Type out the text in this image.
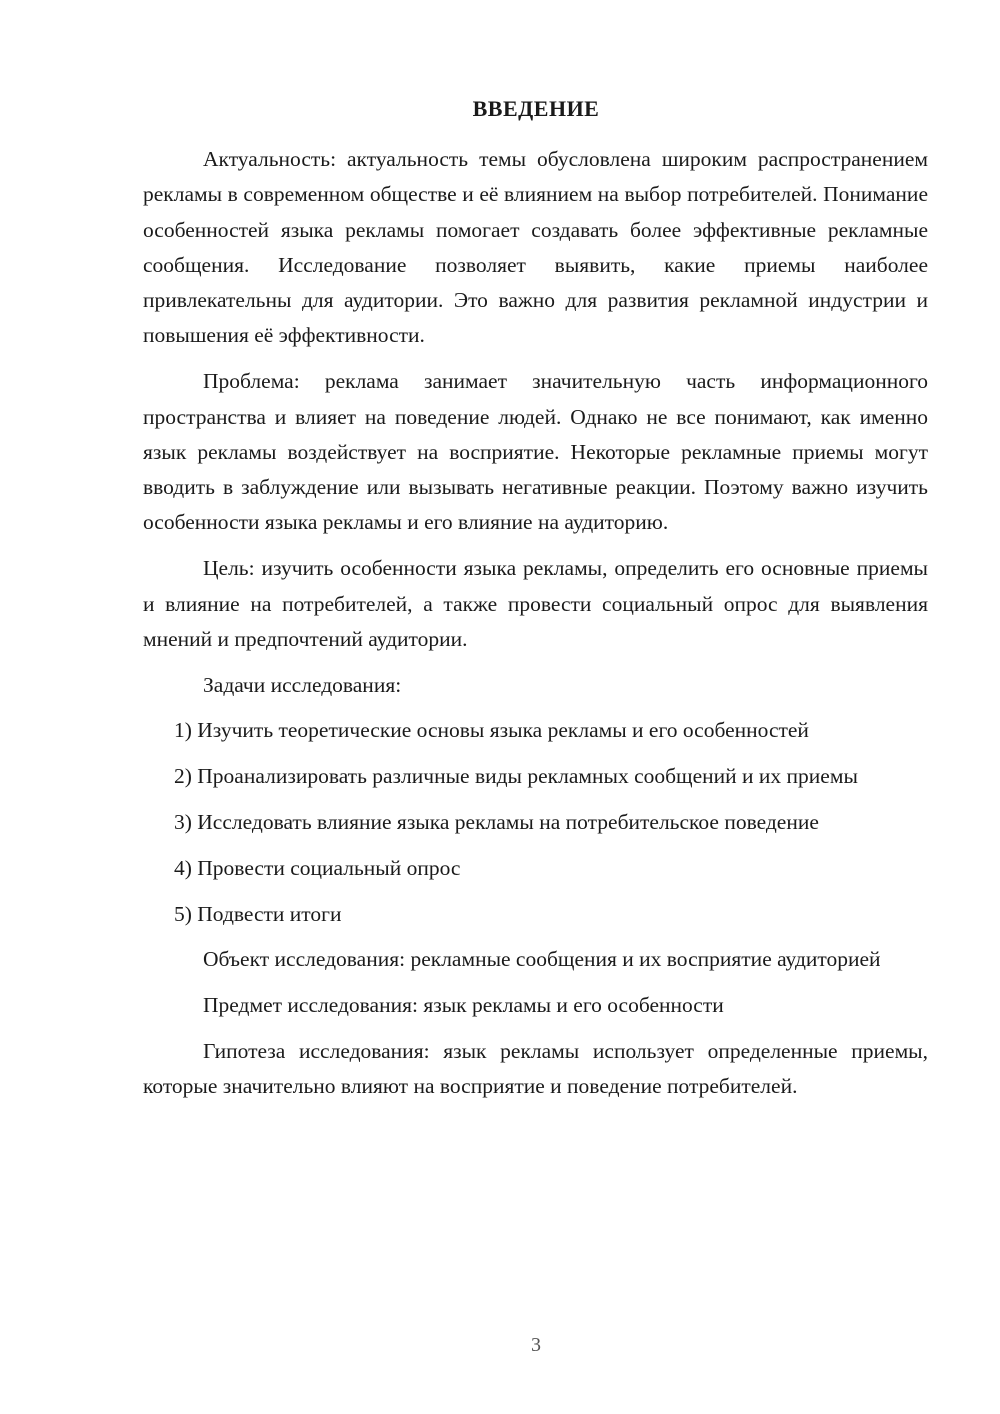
ВВЕДЕНИЕ

Актуальность: актуальность темы обусловлена широким распространением рекламы в современном обществе и её влиянием на выбор потребителей. Понимание особенностей языка рекламы помогает создавать более эффективные рекламные сообщения. Исследование позволяет выявить, какие приемы наиболее привлекательны для аудитории. Это важно для развития рекламной индустрии и повышения её эффективности.

Проблема: реклама занимает значительную часть информационного пространства и влияет на поведение людей. Однако не все понимают, как именно язык рекламы воздействует на восприятие. Некоторые рекламные приемы могут вводить в заблуждение или вызывать негативные реакции. Поэтому важно изучить особенности языка рекламы и его влияние на аудиторию.

Цель: изучить особенности языка рекламы, определить его основные приемы и влияние на потребителей, а также провести социальный опрос для выявления мнений и предпочтений аудитории.

Задачи исследования:

1) Изучить теоретические основы языка рекламы и его особенностей

2) Проанализировать различные виды рекламных сообщений и их приемы

3) Исследовать влияние языка рекламы на потребительское поведение

4) Провести социальный опрос

5) Подвести итоги

Объект исследования: рекламные сообщения и их восприятие аудиторией

Предмет исследования: язык рекламы и его особенности

Гипотеза исследования: язык рекламы использует определенные приемы, которые значительно влияют на восприятие и поведение потребителей.

3
